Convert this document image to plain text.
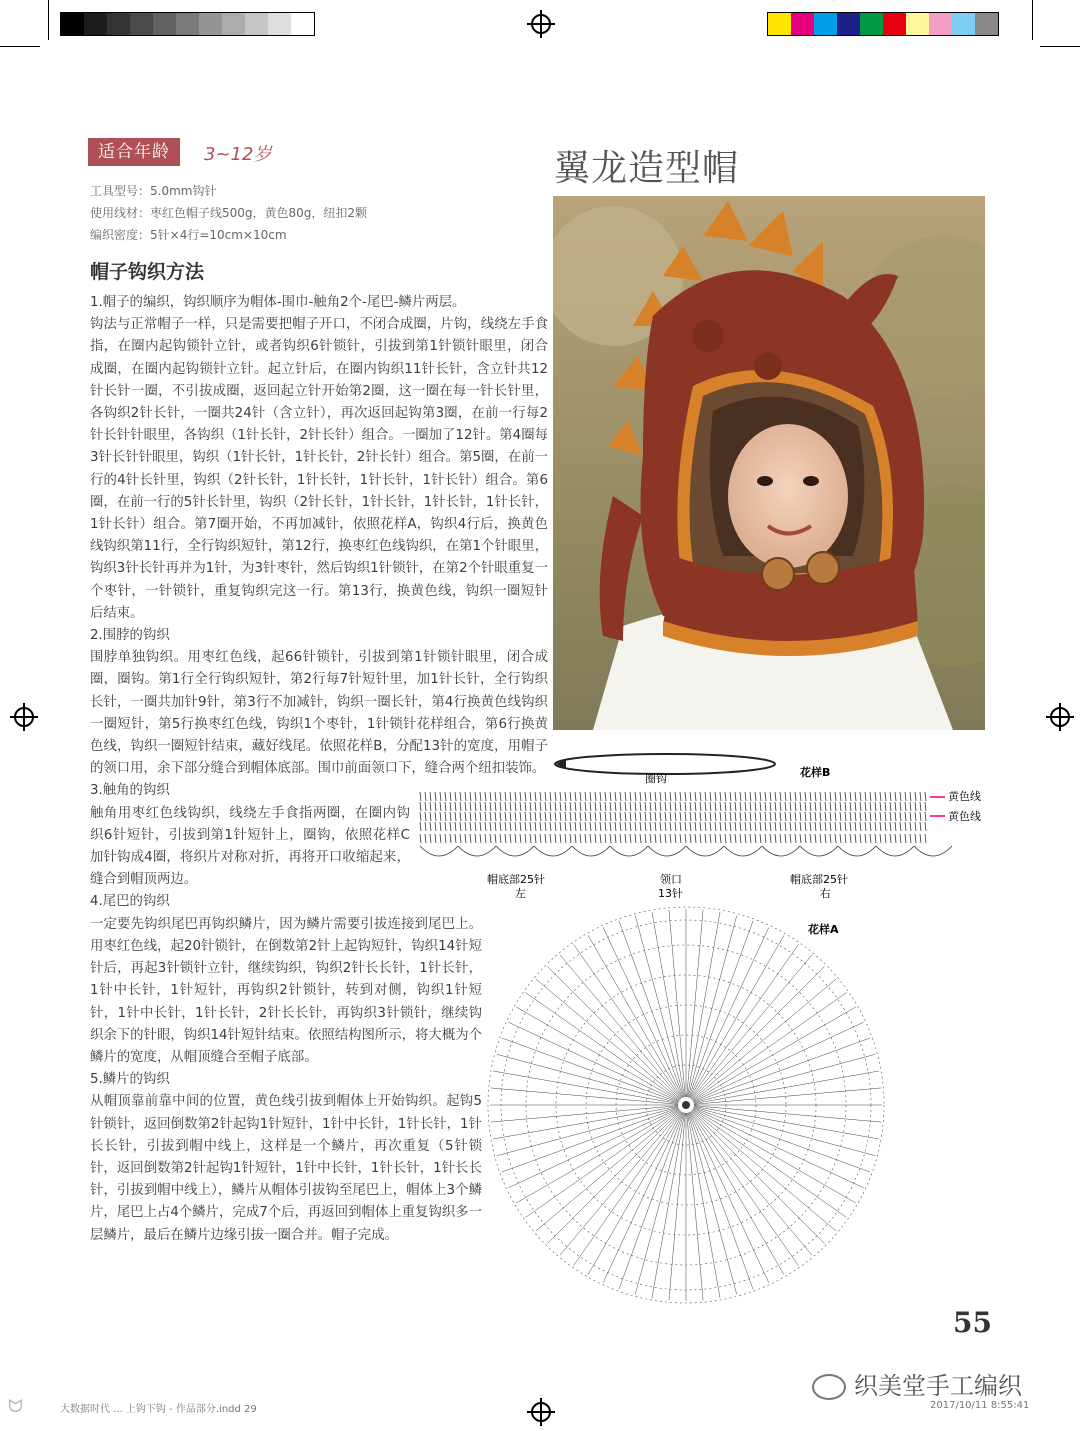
适合年龄	3~12岁	翼龙造型帽
工具型号：5.0mm钩针
使用线材：枣红色帽子线500g，黄色80g，纽扣2颗
编织密度：5针×4行=10cm×10cm
帽子钩织方法

1.帽子的编织，钩织顺序为帽体-围巾-触角2个-尾巴-鳞片两层。

钩法与正常帽子一样，只是需要把帽子开口，不闭合成圈，片钩，线绕左手食指，在圈内起钩锁针立针，或者钩织6针锁针，引拔到第1针锁针眼里，闭合成圈，在圈内起钩锁针立针。起立针后，在圈内钩织11针长针，含立针共12针长针一圈，不引拔成圈，返回起立针开始第2圈，这一圈在每一针长针里，各钩织2针长针，一圈共24针（含立针），再次返回起钩第3圈，在前一行每2针长针针眼里，各钩织（1针长针，2针长针）组合。一圈加了12针。第4圈每3针长针针眼里，钩织（1针长针，1针长针，2针长针）组合。第5圈，在前一行的4针长针里，钩织（2针长针，1针长针，1针长针，1针长针）组合。第6圈，在前一行的5针长针里，钩织（2针长针，1针长针，1针长针，1针长针，1针长针）组合。第7圈开始，不再加减针，依照花样A，钩织4行后，换黄色线钩织第11行，全行钩织短针，第12行，换枣红色线钩织，在第1个针眼里，钩织3针长针再并为1针，为3针枣针，然后钩织1针锁针，在第2个针眼重复一个枣针，一针锁针，重复钩织完这一行。第13行，换黄色线，钩织一圈短针后结束。

2.围脖的钩织

围脖单独钩织。用枣红色线，起66针锁针，引拔到第1针锁针眼里，闭合成圈，圈钩。第1行全行钩织短针，第2行每7针短针里，加1针长针，全行钩织长针，一圈共加针9针，第3行不加减针，钩织一圈长针，第4行换黄色线钩织一圈短针，第5行换枣红色线，钩织1个枣针，1针锁针花样组合，第6行换黄色线，钩织一圈短针结束，藏好线尾。依照花样B，分配13针的宽度，用帽子的领口用，余下部分缝合到帽体底部。围巾前面领口下，缝合两个纽扣装饰。

3.触角的钩织

触角用枣红色线钩织，线绕左手食指两圈，在圈内钩织6针短针，引拔到第1针短针上，圈钩，依照花样C加针钩成4圈，将织片对称对折，再将开口收缩起来，缝合到帽顶两边。

4.尾巴的钩织

一定要先钩织尾巴再钩织鳞片，因为鳞片需要引拔连接到尾巴上。用枣红色线，起20针锁针，在倒数第2针上起钩短针，钩织14针短针后，再起3针锁针立针，继续钩织，钩织2针长长针，1针长针，1针中长针，1针短针，再钩织2针锁针，转到对侧，钩织1针短针，1针中长针，1针长针，2针长长针，再钩织3针锁针，继续钩织余下的针眼，钩织14针短针结束。依照结构图所示，将大概为个鳞片的宽度，从帽顶缝合至帽子底部。

5.鳞片的钩织

从帽顶靠前靠中间的位置，黄色线引拔到帽体上开始钩织。起钩5针锁针，返回倒数第2针起钩1针短针，1针中长针，1针长针，1针长长针，引拔到帽中线上，这样是一个鳞片，再次重复（5针锁针，返回倒数第2针起钩1针短针，1针中长针，1针长针，1针长长针，引拔到帽中线上），鳞片从帽体引拔钩至尾巴上，帽体上3个鳞片，尾巴上占4个鳞片，完成7个后，再返回到帽体上重复钩织多一层鳞片，最后在鳞片边缘引拔一圈合并。帽子完成。

圈钩	花样B
黄色线
黄色线
帽底部25针
左
领口
13针
帽底部25针
右
花样A
55
织美堂手工编织
ᗢ	大数据时代 ... 上钩下钩 - 作品部分.indd 29	2017/10/11 8:55:41
